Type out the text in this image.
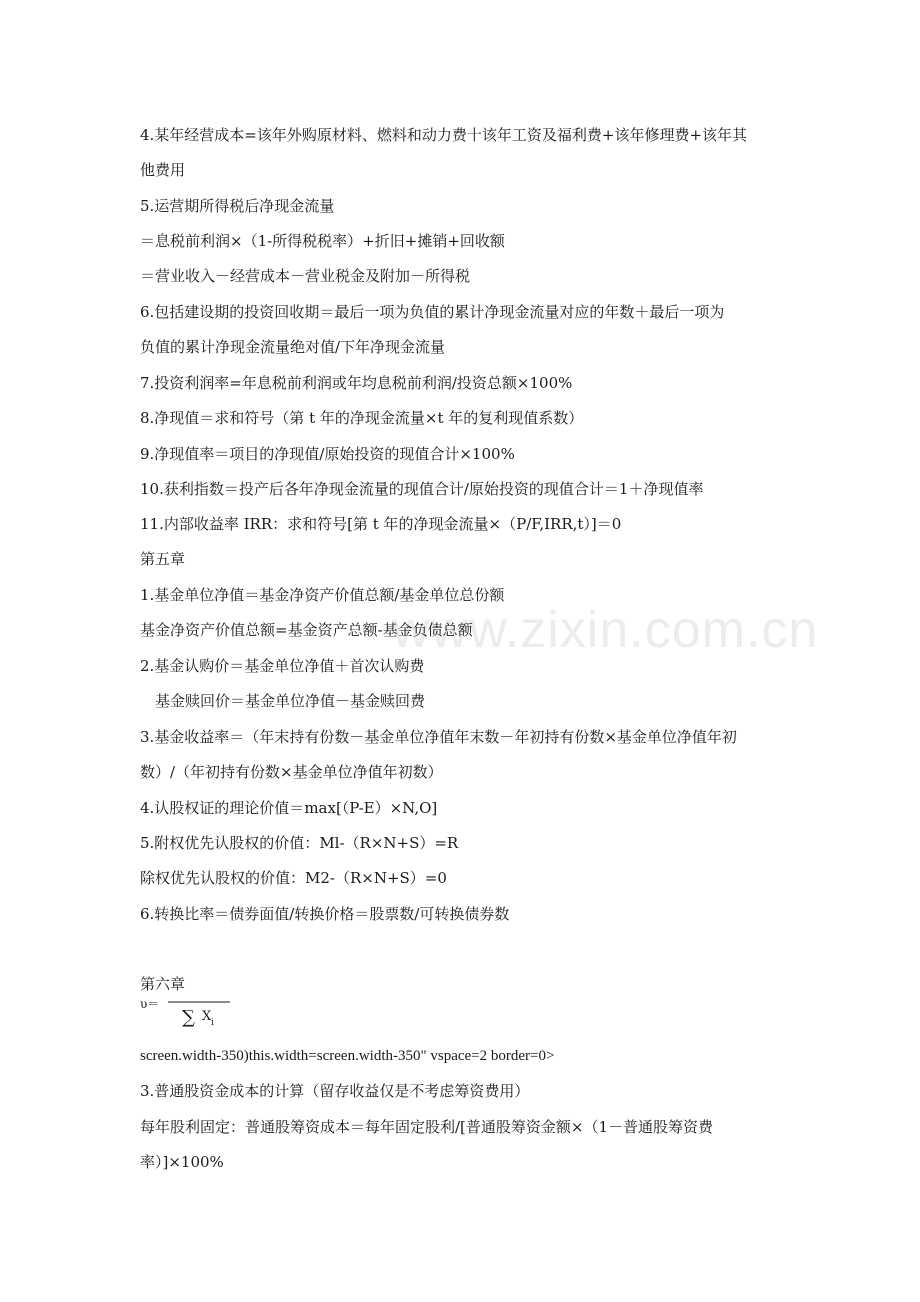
www.zixin.com.cn
4.某年经营成本=该年外购原材料、燃料和动力费十该年工资及福利费+该年修理费+该年其
他费用
5.运营期所得税后净现金流量
＝息税前利润×（1-所得税税率）+折旧+摊销+回收额
＝营业收入－经营成本－营业税金及附加－所得税
6.包括建设期的投资回收期＝最后一项为负值的累计净现金流量对应的年数＋最后一项为
负值的累计净现金流量绝对值/下年净现金流量
7.投资利润率=年息税前利润或年均息税前利润/投资总额×100%
8.净现值＝求和符号（第 t 年的净现金流量×t 年的复利现值系数）
9.净现值率＝项目的净现值/原始投资的现值合计×100%
10.获利指数＝投产后各年净现金流量的现值合计/原始投资的现值合计＝1＋净现值率
11.内部收益率 IRR：求和符号[第 t 年的净现金流量×（P/F,IRR,t）]＝0
第五章
1.基金单位净值＝基金净资产价值总额/基金单位总份额
基金净资产价值总额=基金资产总额-基金负债总额
2.基金认购价＝基金单位净值＋首次认购费
基金赎回价＝基金单位净值－基金赎回费
3.基金收益率＝（年末持有份数－基金单位净值年末数－年初持有份数×基金单位净值年初
数）/（年初持有份数×基金单位净值年初数）
4.认股权证的理论价值＝max[（P-E）×N,O]
5.附权优先认股权的价值：Ml-（R×N+S）=R
除权优先认股权的价值：M2-（R×N+S）=0
6.转换比率＝债券面值/转换价格＝股票数/可转换债券数
第六章
υ＝
∑ X i
screen.width-350)this.width=screen.width-350" vspace=2 border=0>
3.普通股资金成本的计算（留存收益仅是不考虑筹资费用）
每年股利固定：普通股筹资成本＝每年固定股利/[普通股筹资金额×（1－普通股筹资费
率）]×100%
